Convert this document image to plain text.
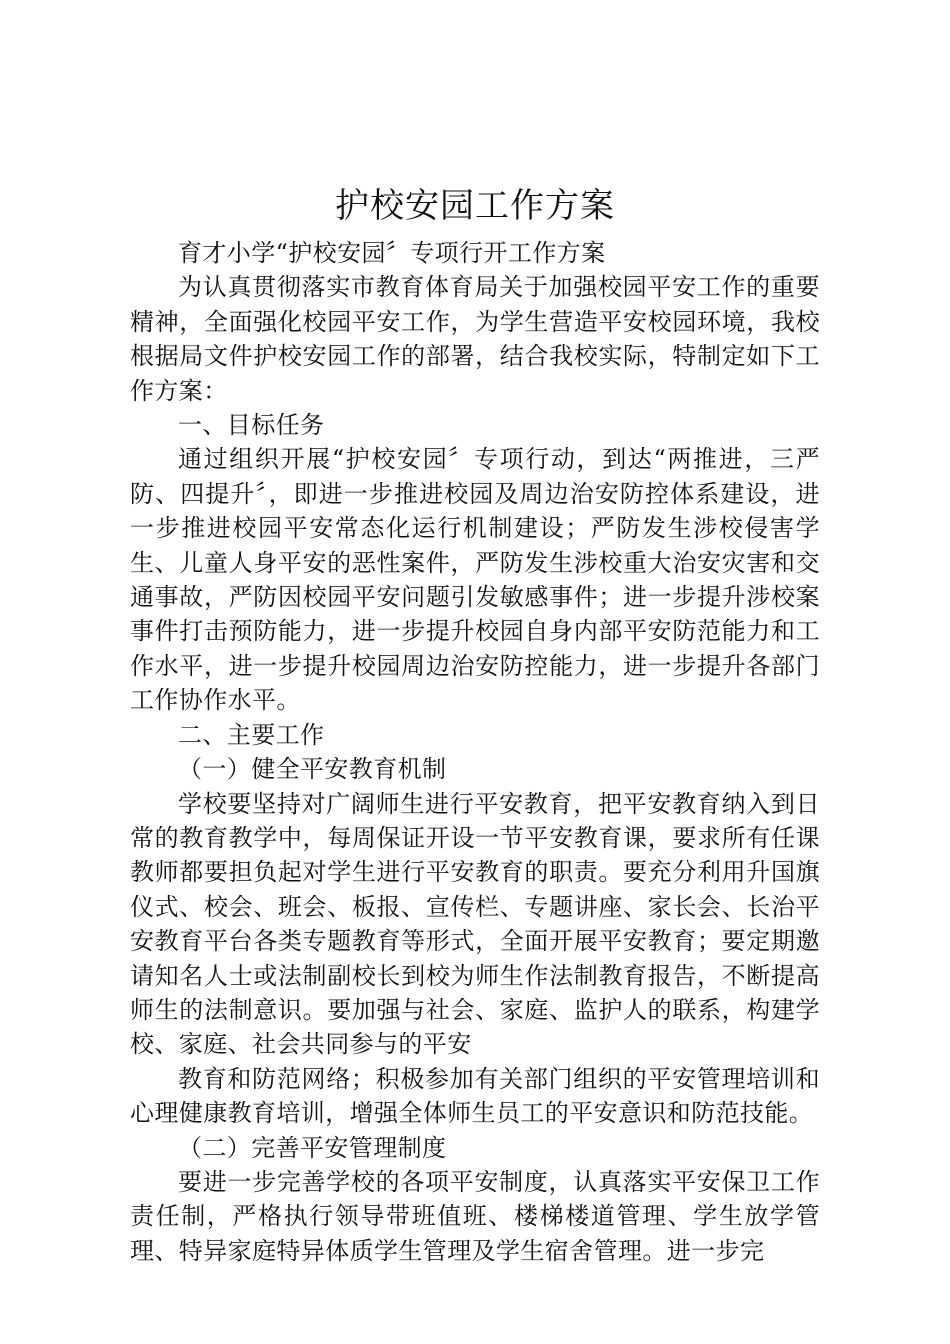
护校安园工作方案

育才小学“护校安园〞专项行开工作方案

为认真贯彻落实市教育体育局关于加强校园平安工作的重要精神，全面强化校园平安工作，为学生营造平安校园环境，我校根据局文件护校安园工作的部署，结合我校实际，特制定如下工作方案：

一、目标任务

通过组织开展“护校安园〞专项行动，到达“两推进，三严防、四提升〞，即进一步推进校园及周边治安防控体系建设，进一步推进校园平安常态化运行机制建设；严防发生涉校侵害学生、儿童人身平安的恶性案件，严防发生涉校重大治安灾害和交通事故，严防因校园平安问题引发敏感事件；进一步提升涉校案事件打击预防能力，进一步提升校园自身内部平安防范能力和工作水平，进一步提升校园周边治安防控能力，进一步提升各部门工作协作水平。

二、主要工作

（一）健全平安教育机制

学校要坚持对广阔师生进行平安教育，把平安教育纳入到日常的教育教学中，每周保证开设一节平安教育课，要求所有任课教师都要担负起对学生进行平安教育的职责。要充分利用升国旗仪式、校会、班会、板报、宣传栏、专题讲座、家长会、长治平安教育平台各类专题教育等形式，全面开展平安教育；要定期邀请知名人士或法制副校长到校为师生作法制教育报告，不断提高师生的法制意识。要加强与社会、家庭、监护人的联系，构建学校、家庭、社会共同参与的平安

教育和防范网络；积极参加有关部门组织的平安管理培训和心理健康教育培训，增强全体师生员工的平安意识和防范技能。

（二）完善平安管理制度

要进一步完善学校的各项平安制度，认真落实平安保卫工作责任制，严格执行领导带班值班、楼梯楼道管理、学生放学管理、特异家庭特异体质学生管理及学生宿舍管理。进一步完
